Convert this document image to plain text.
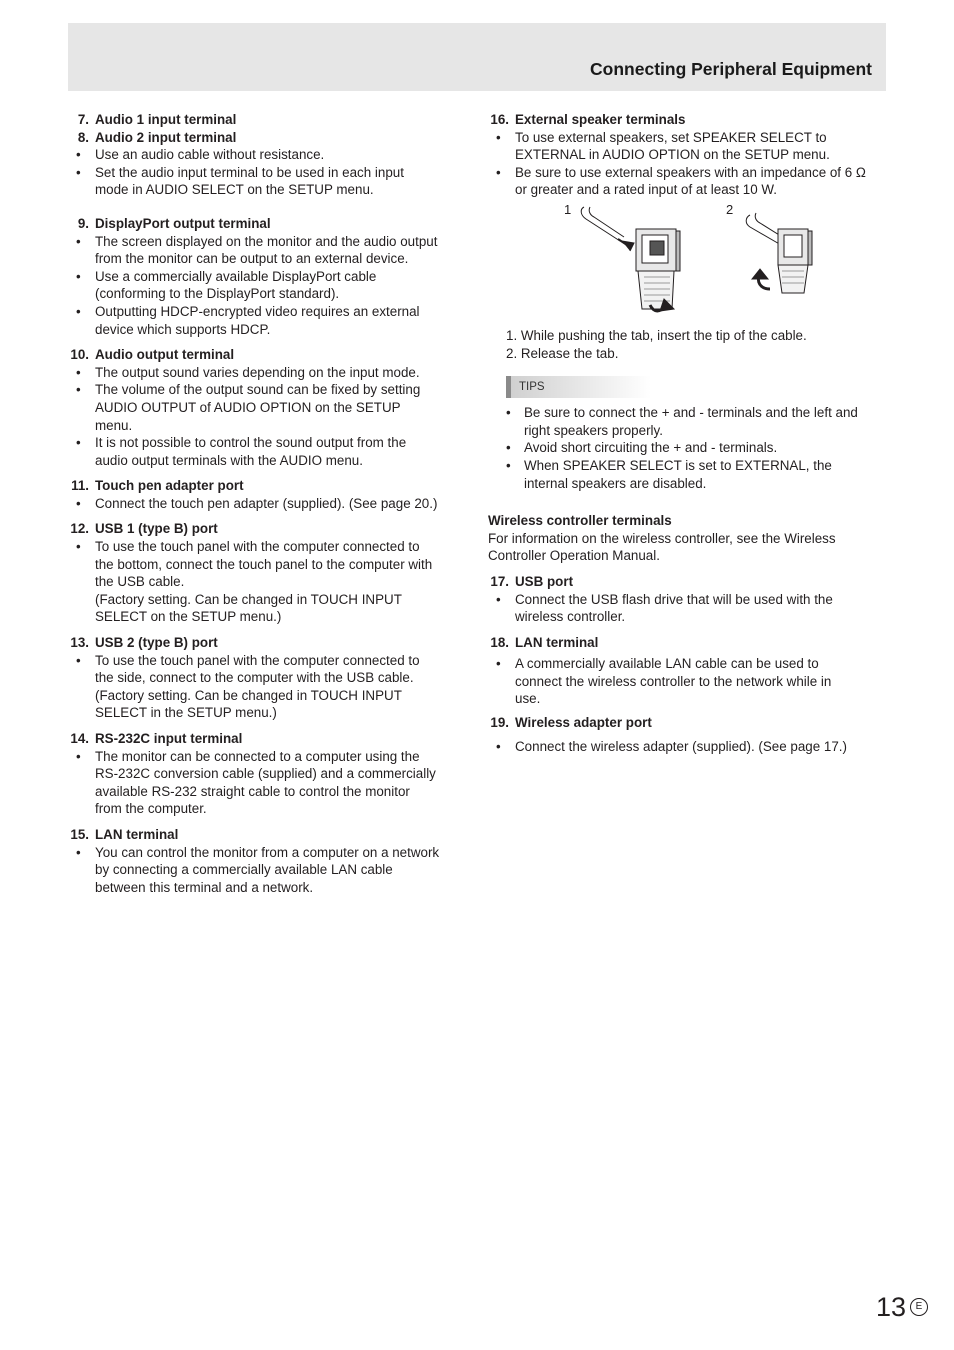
Connecting Peripheral Equipment
7. Audio 1 input terminal
8. Audio 2 input terminal
• Use an audio cable without resistance.
• Set the audio input terminal to be used in each input
mode in AUDIO SELECT on the SETUP menu.
9. DisplayPort output terminal
• The screen displayed on the monitor and the audio output
from the monitor can be output to an external device.
• Use a commercially available DisplayPort cable
(conforming to the DisplayPort standard).
• Outputting HDCP-encrypted video requires an external
device which supports HDCP.
10. Audio output terminal
• The output sound varies depending on the input mode.
• The volume of the output sound can be fixed by setting
AUDIO OUTPUT of AUDIO OPTION on the SETUP
menu.
• It is not possible to control the sound output from the
audio output terminals with the AUDIO menu.
11. Touch pen adapter port
• Connect the touch pen adapter (supplied). (See page 20.)
12. USB 1 (type B) port
• To use the touch panel with the computer connected to
the bottom, connect the touch panel to the computer with
the USB cable.
(Factory setting. Can be changed in TOUCH INPUT
SELECT on the SETUP menu.)
13. USB 2 (type B) port
• To use the touch panel with the computer connected to
the side, connect to the computer with the USB cable.
(Factory setting. Can be changed in TOUCH INPUT
SELECT in the SETUP menu.)
14. RS-232C input terminal
• The monitor can be connected to a computer using the
RS-232C conversion cable (supplied) and a commercially
available RS-232 straight cable to control the monitor
from the computer.
15. LAN terminal
• You can control the monitor from a computer on a network
by connecting a commercially available LAN cable
between this terminal and a network.
16. External speaker terminals
• To use external speakers, set SPEAKER SELECT to
EXTERNAL in AUDIO OPTION on the SETUP menu.
• Be sure to use external speakers with an impedance of 6 Ω
or greater and a rated input of at least 10 W.
1	2
1. While pushing the tab, insert the tip of the cable.
2. Release the tab.
TIPS
• Be sure to connect the + and - terminals and the left and
right speakers properly.
• Avoid short circuiting the + and - terminals.
• When SPEAKER SELECT is set to EXTERNAL, the
internal speakers are disabled.
Wireless controller terminals
For information on the wireless controller, see the Wireless
Controller Operation Manual.
17. USB port
• Connect the USB flash drive that will be used with the
wireless controller.
18. LAN terminal
• A commercially available LAN cable can be used to
connect the wireless controller to the network while in
use.
19. Wireless adapter port
• Connect the wireless adapter (supplied). (See page 17.)
13 E
